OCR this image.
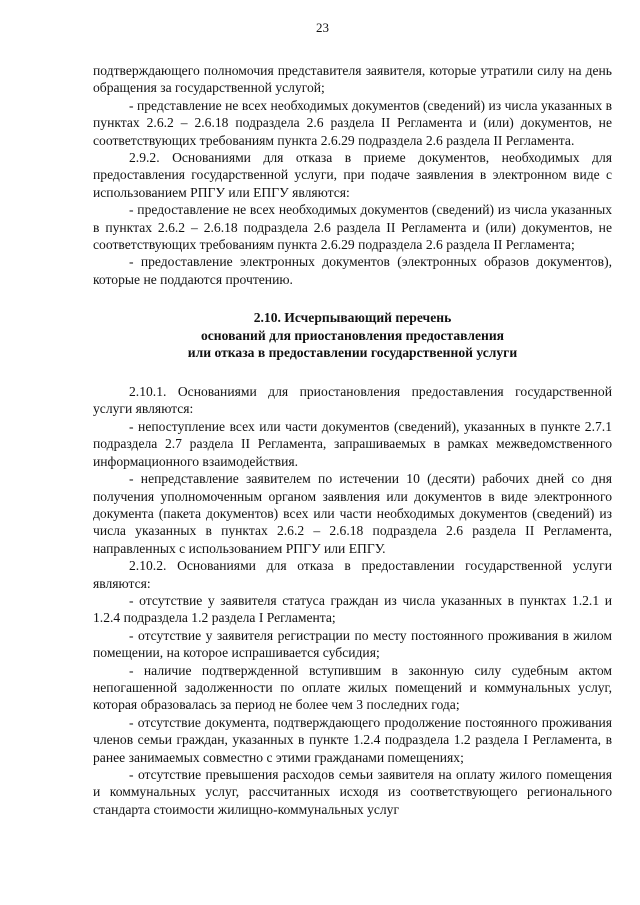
23

подтверждающего полномочия представителя заявителя, которые утратили силу на день обращения за государственной услугой;

- представление не всех необходимых документов (сведений) из числа указанных в пунктах 2.6.2 – 2.6.18 подраздела 2.6 раздела II Регламента и (или) документов, не соответствующих требованиям пункта 2.6.29 подраздела 2.6 раздела II Регламента.

2.9.2. Основаниями для отказа в приеме документов, необходимых для предоставления государственной услуги, при подаче заявления в электронном виде с использованием РПГУ или ЕПГУ являются:

- предоставление не всех необходимых документов (сведений) из числа указанных в пунктах 2.6.2 – 2.6.18 подраздела 2.6 раздела II Регламента и (или) документов, не соответствующих требованиям пункта 2.6.29 подраздела 2.6 раздела II Регламента;

- предоставление электронных документов (электронных образов документов), которые не поддаются прочтению.

2.10. Исчерпывающий перечень
оснований для приостановления предоставления
или отказа в предоставлении государственной услуги

2.10.1. Основаниями для приостановления предоставления государственной услуги являются:

- непоступление всех или части документов (сведений), указанных в пункте 2.7.1 подраздела 2.7 раздела II Регламента, запрашиваемых в рамках межведомственного информационного взаимодействия.

- непредставление заявителем по истечении 10 (десяти) рабочих дней со дня получения уполномоченным органом заявления или документов в виде электронного документа (пакета документов) всех или части необходимых документов (сведений) из числа указанных в пунктах 2.6.2 – 2.6.18 подраздела 2.6 раздела II Регламента, направленных с использованием РПГУ или ЕПГУ.

2.10.2. Основаниями для отказа в предоставлении государственной услуги являются:

- отсутствие у заявителя статуса граждан из числа указанных в пунктах 1.2.1 и 1.2.4 подраздела 1.2 раздела I Регламента;

- отсутствие у заявителя регистрации по месту постоянного проживания в жилом помещении, на которое испрашивается субсидия;

- наличие подтвержденной вступившим в законную силу судебным актом непогашенной задолженности по оплате жилых помещений и коммунальных услуг, которая образовалась за период не более чем 3 последних года;

- отсутствие документа, подтверждающего продолжение постоянного проживания членов семьи граждан, указанных в пункте 1.2.4 подраздела 1.2 раздела I Регламента, в ранее занимаемых совместно с этими гражданами помещениях;

- отсутствие превышения расходов семьи заявителя на оплату жилого помещения и коммунальных услуг, рассчитанных исходя из соответствующего регионального стандарта стоимости жилищно-коммунальных услуг
